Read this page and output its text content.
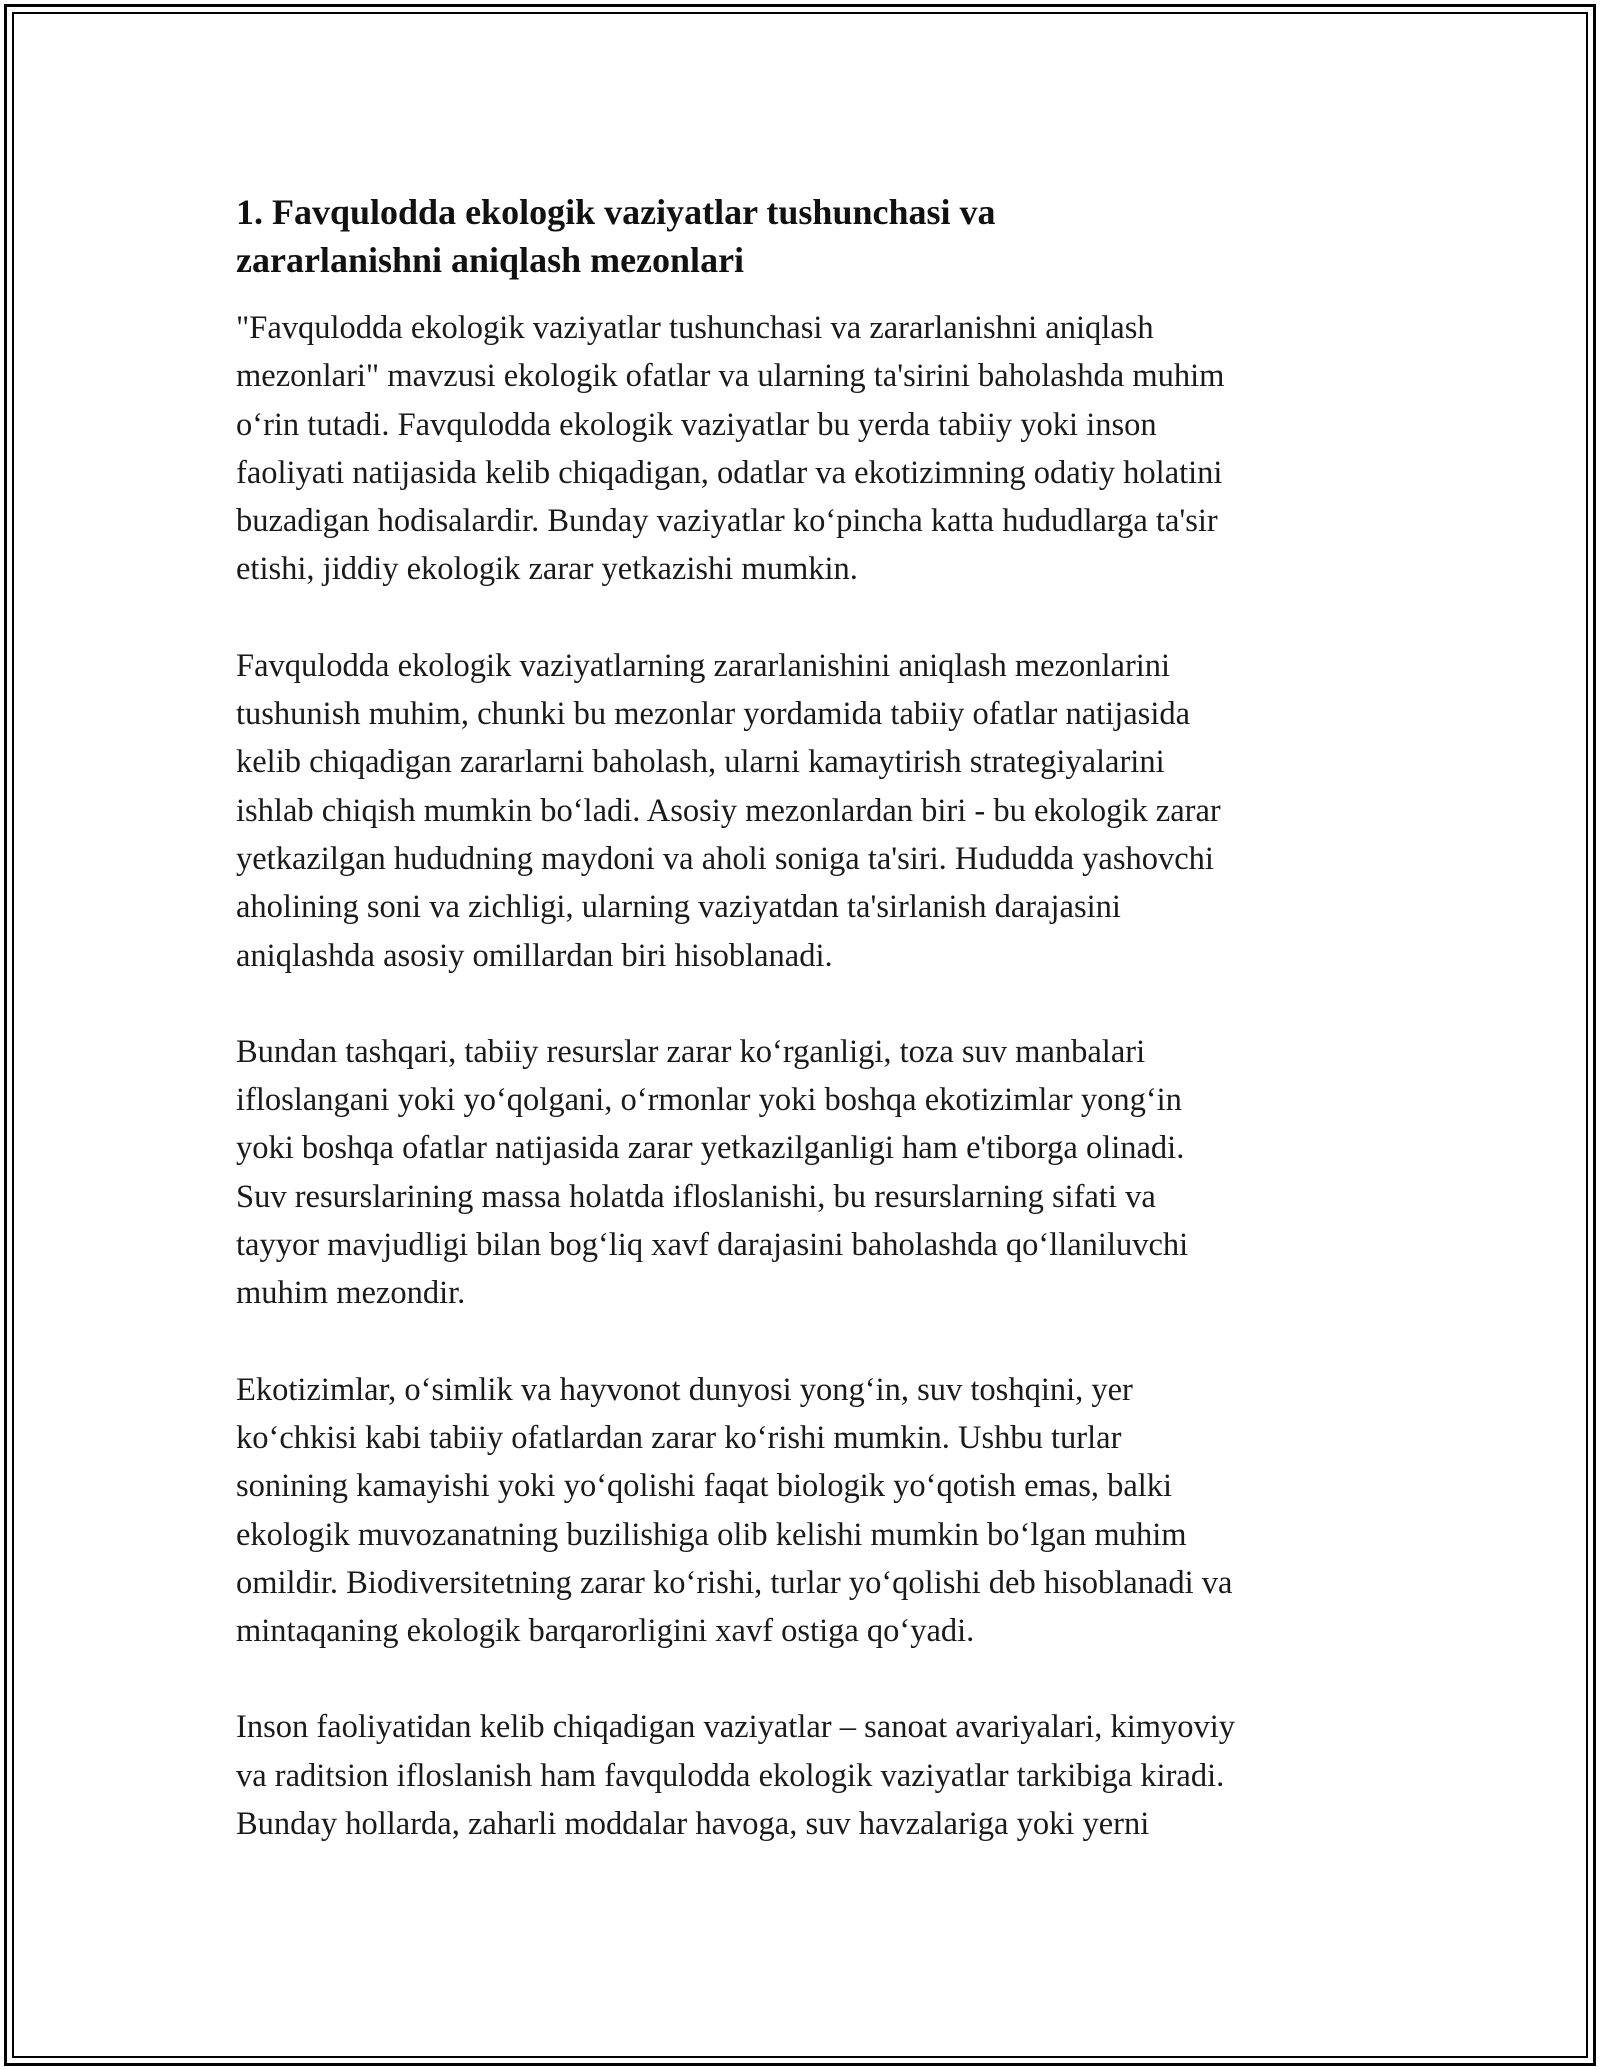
1. Favqulodda ekologik vaziyatlar tushunchasi va
zararlanishni aniqlash mezonlari

"Favqulodda ekologik vaziyatlar tushunchasi va zararlanishni aniqlash
mezonlari" mavzusi ekologik ofatlar va ularning ta'sirini baholashda muhim
o‘rin tutadi. Favqulodda ekologik vaziyatlar bu yerda tabiiy yoki inson
faoliyati natijasida kelib chiqadigan, odatlar va ekotizimning odatiy holatini
buzadigan hodisalardir. Bunday vaziyatlar ko‘pincha katta hududlarga ta'sir
etishi, jiddiy ekologik zarar yetkazishi mumkin.

Favqulodda ekologik vaziyatlarning zararlanishini aniqlash mezonlarini
tushunish muhim, chunki bu mezonlar yordamida tabiiy ofatlar natijasida
kelib chiqadigan zararlarni baholash, ularni kamaytirish strategiyalarini
ishlab chiqish mumkin bo‘ladi. Asosiy mezonlardan biri - bu ekologik zarar
yetkazilgan hududning maydoni va aholi soniga ta'siri. Hududda yashovchi
aholining soni va zichligi, ularning vaziyatdan ta'sirlanish darajasini
aniqlashda asosiy omillardan biri hisoblanadi.

Bundan tashqari, tabiiy resurslar zarar ko‘rganligi, toza suv manbalari
ifloslangani yoki yo‘qolgani, o‘rmonlar yoki boshqa ekotizimlar yong‘in
yoki boshqa ofatlar natijasida zarar yetkazilganligi ham e'tiborga olinadi.
Suv resurslarining massa holatda ifloslanishi, bu resurslarning sifati va
tayyor mavjudligi bilan bog‘liq xavf darajasini baholashda qo‘llaniluvchi
muhim mezondir.

Ekotizimlar, o‘simlik va hayvonot dunyosi yong‘in, suv toshqini, yer
ko‘chkisi kabi tabiiy ofatlardan zarar ko‘rishi mumkin. Ushbu turlar
sonining kamayishi yoki yo‘qolishi faqat biologik yo‘qotish emas, balki
ekologik muvozanatning buzilishiga olib kelishi mumkin bo‘lgan muhim
omildir. Biodiversitetning zarar ko‘rishi, turlar yo‘qolishi deb hisoblanadi va
mintaqaning ekologik barqarorligini xavf ostiga qo‘yadi.

Inson faoliyatidan kelib chiqadigan vaziyatlar – sanoat avariyalari, kimyoviy
va raditsion ifloslanish ham favqulodda ekologik vaziyatlar tarkibiga kiradi.
Bunday hollarda, zaharli moddalar havoga, suv havzalariga yoki yerni
